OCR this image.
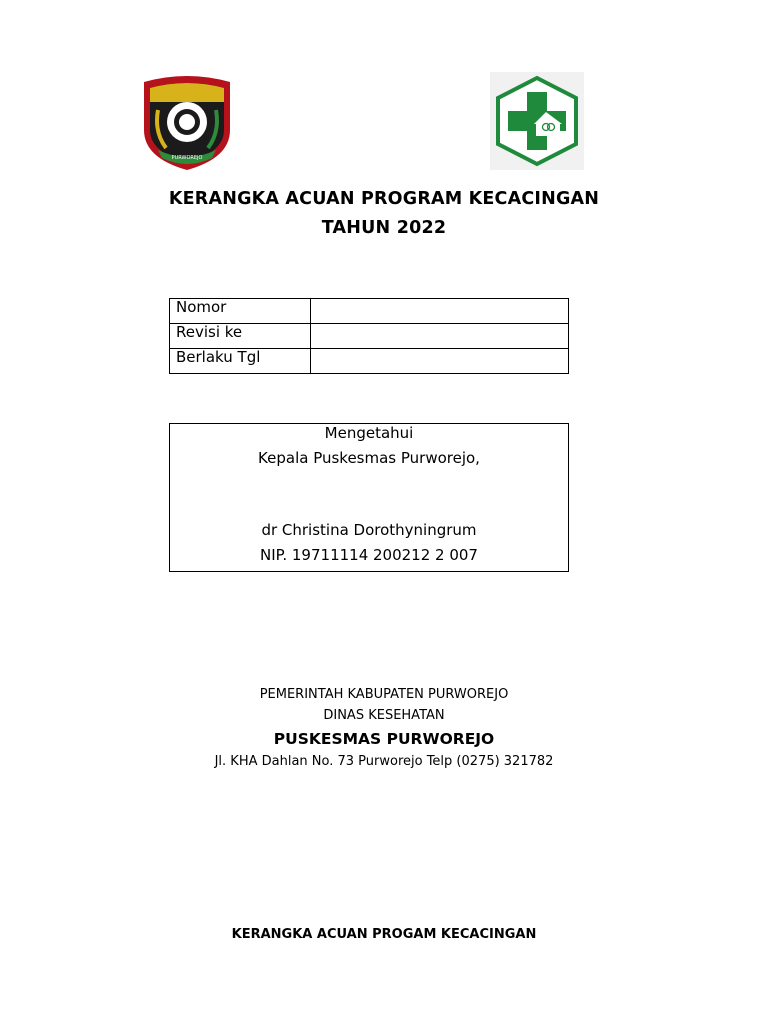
PURWOREJO
KERANGKA ACUAN PROGRAM KECACINGAN
TAHUN 2022
Nomor	
Revisi ke	
Berlaku Tgl	
Mengetahui
Kepala Puskesmas Purworejo,
dr Christina Dorothyningrum
NIP. 19711114 200212 2 007
PEMERINTAH KABUPATEN PURWOREJO
DINAS KESEHATAN
PUSKESMAS PURWOREJO
Jl. KHA Dahlan No. 73 Purworejo Telp (0275) 321782
KERANGKA ACUAN PROGAM KECACINGAN
